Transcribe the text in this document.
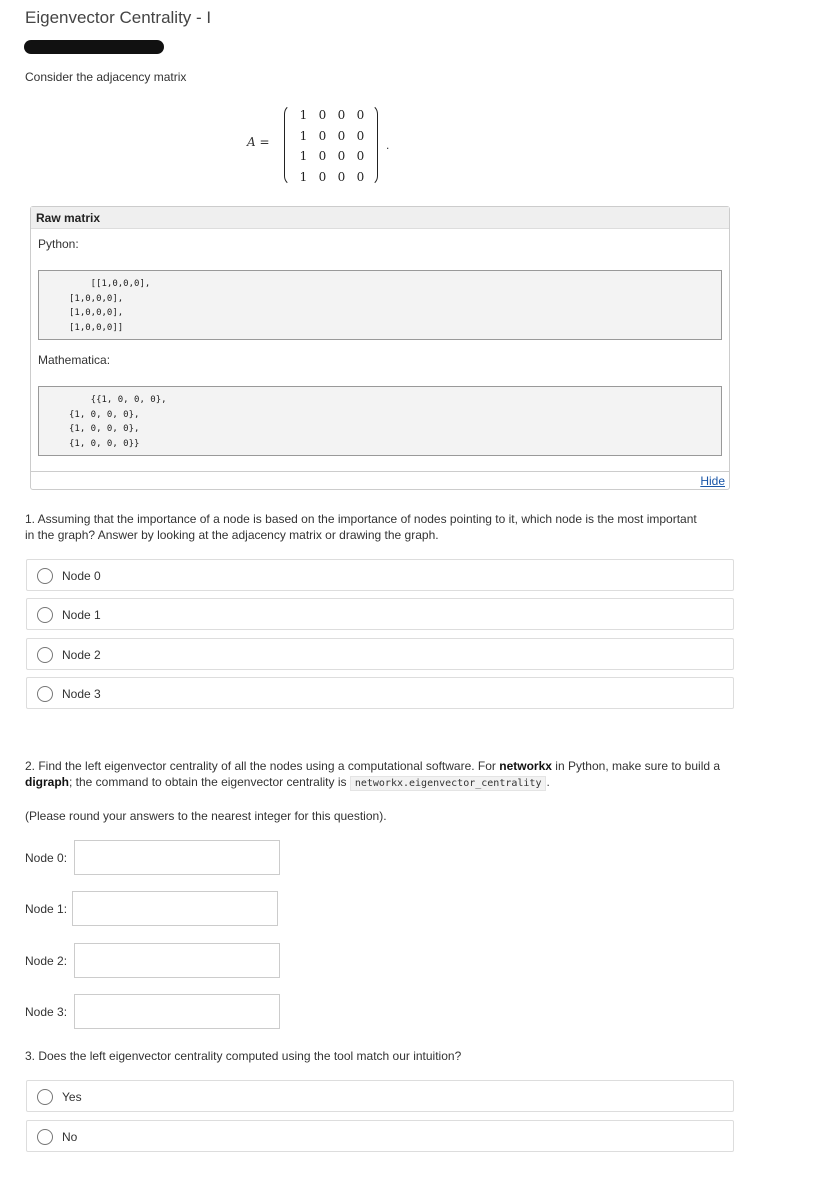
Eigenvector Centrality - I
Consider the adjacency matrix
A =
1 0 0 0
1 0 0 0
1 0 0 0
1 0 0 0
.
Raw matrix
Python:
[[1,0,0,0],
[1,0,0,0],
[1,0,0,0],
[1,0,0,0]]
Mathematica:
{{1, 0, 0, 0},
{1, 0, 0, 0},
{1, 0, 0, 0},
{1, 0, 0, 0}}
Hide
1. Assuming that the importance of a node is based on the importance of nodes pointing to it, which node is the most important in the graph? Answer by looking at the adjacency matrix or drawing the graph.
Node 0
Node 1
Node 2
Node 3
2. Find the left eigenvector centrality of all the nodes using a computational software. For networkx in Python, make sure to build a digraph; the command to obtain the eigenvector centrality is networkx.eigenvector_centrality .
(Please round your answers to the nearest integer for this question).
Node 0:
Node 1:
Node 2:
Node 3:
3. Does the left eigenvector centrality computed using the tool match our intuition?
Yes
No
